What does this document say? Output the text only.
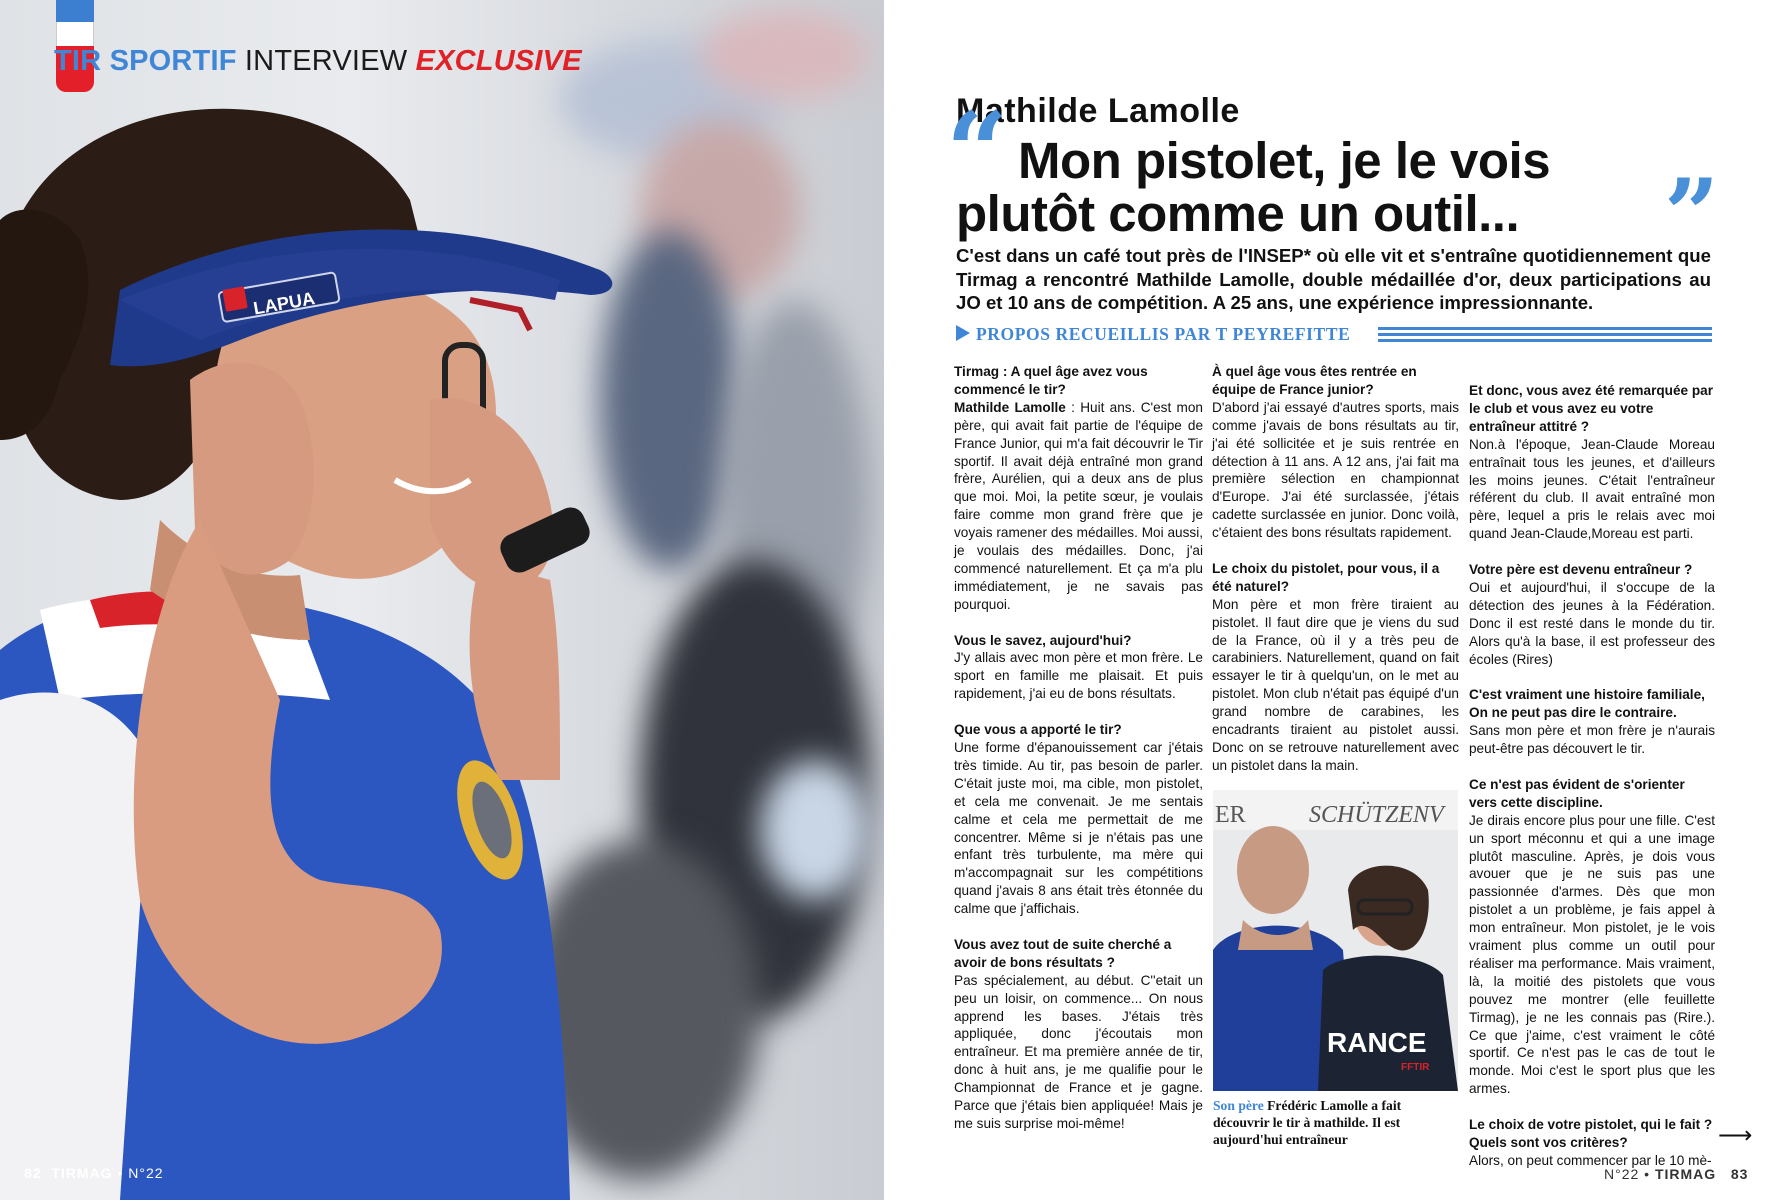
LAPUA
TIR SPORTIF INTERVIEW EXCLUSIVE
82 TIRMAG • N°22
Mathilde Lamolle
“ Mon pistolet, je le vois
plutôt comme un outil...	”
C'est dans un café tout près de l'INSEP* où elle vit et s'entraîne quotidiennement que Tirmag a rencontré Mathilde Lamolle, double médaillée d'or, deux participations au JO et 10 ans de compétition. A 25 ans, une expérience impressionnante.
PROPOS RECUEILLIS PAR T PEYREFITTE

Tirmag : A quel âge avez vous commencé le tir?

Mathilde Lamolle : Huit ans. C'est mon père, qui avait fait partie de l'équipe de France Junior, qui m'a fait découvrir le Tir sportif. Il avait déjà entraîné mon grand frère, Aurélien, qui a deux ans de plus que moi. Moi, la petite sœur, je voulais faire comme mon grand frère que je voyais ramener des médailles. Moi aussi, je voulais des médailles. Donc, j'ai commencé naturellement. Et ça m'a plu immédiatement, je ne savais pas pourquoi.

Vous le savez, aujourd'hui?

J'y allais avec mon père et mon frère. Le sport en famille me plaisait. Et puis rapidement, j'ai eu de bons résultats.

Que vous a apporté le tir?

Une forme d'épanouissement car j'étais très timide. Au tir, pas besoin de parler. C'était juste moi, ma cible, mon pistolet, et cela me convenait. Je me sentais calme et cela me permettait de me concentrer. Même si je n'étais pas une enfant très turbulente, ma mère qui m'accompagnait sur les compétitions quand j'avais 8 ans était très étonnée du calme que j'affichais.

Vous avez tout de suite cherché a avoir de bons résultats ?

Pas spécialement, au début. C''etait un peu un loisir, on commence... On nous apprend les bases. J'étais très appliquée, donc j'écoutais mon entraîneur. Et ma première année de tir, donc à huit ans, je me qualifie pour le Championnat de France et je gagne. Parce que j'étais bien appliquée! Mais je me suis surprise moi-même!

À quel âge vous êtes rentrée en équipe de France junior?

D'abord j'ai essayé d'autres sports, mais comme j'avais de bons résultats au tir, j'ai été sollicitée et je suis rentrée en détection à 11 ans. A 12 ans, j'ai fait ma première sélection en championnat d'Europe. J'ai été surclassée, j'étais cadette surclassée en junior. Donc voilà, c'étaient des bons résultats rapidement.

Le choix du pistolet, pour vous, il a été naturel?

Mon père et mon frère tiraient au pistolet. Il faut dire que je viens du sud de la France, où il y a très peu de carabiniers. Naturellement, quand on fait essayer le tir à quelqu'un, on le met au pistolet. Mon club n'était pas équipé d'un grand nombre de carabines, les encadrants tiraient au pistolet aussi. Donc on se retrouve naturellement avec un pistolet dans la main.

ER	SCHÜTZENV
RANCE
FFTIR
Son père Frédéric Lamolle a fait découvrir le tir à mathilde. Il est aujourd'hui entraîneur

Et donc, vous avez été remarquée par le club et vous avez eu votre entraîneur attitré ?

Non.à l'époque, Jean-Claude Moreau entraînait tous les jeunes, et d'ailleurs les moins jeunes. C'était l'entraîneur référent du club. Il avait entraîné mon père, lequel a pris le relais avec moi quand Jean-Claude,Moreau est parti.

Votre père est devenu entraîneur ?

Oui et aujourd'hui, il s'occupe de la détection des jeunes à la Fédération. Donc il est resté dans le monde du tir. Alors qu'à la base, il est professeur des écoles (Rires)

C'est vraiment une histoire familiale, On ne peut pas dire le contraire.

Sans mon père et mon frère je n'aurais peut-être pas découvert le tir.

Ce n'est pas évident de s'orienter vers cette discipline.

Je dirais encore plus pour une fille. C'est un sport méconnu et qui a une image plutôt masculine. Après, je dois vous avouer que je ne suis pas une passionnée d'armes. Dès que mon pistolet a un problème, je fais appel à mon entraîneur. Mon pistolet, je le vois vraiment plus comme un outil pour réaliser ma performance. Mais vraiment, là, la moitié des pistolets que vous pouvez me montrer (elle feuillette Tirmag), je ne les connais pas (Rire.). Ce que j'aime, c'est vraiment le côté sportif. Ce n'est pas le cas de tout le monde. Moi c'est le sport plus que les armes.

Le choix de votre pistolet, qui le fait ? Quels sont vos critères?

Alors, on peut commencer par le 10 mè-

⟶
N°22 • TIRMAG 83
